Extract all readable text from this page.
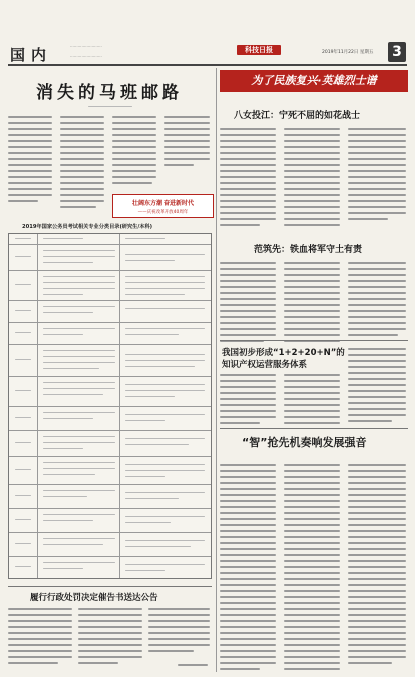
国内	·························
·························
科技日报	2019年11月22日 星期五 3
消失的马班邮路
壮阔东方潮 奋进新时代
——庆祝改革开放40周年
2019年国家公务员考试相关专业分类目录(研究生/本科)
履行行政处罚决定催告书送达公告
为了民族复兴·英雄烈士谱
八女投江：宁死不屈的如花战士
范筑先：铁血将军守土有责
我国初步形成“1+2+20+N”的
知识产权运营服务体系
“智”抢先机奏响发展强音
